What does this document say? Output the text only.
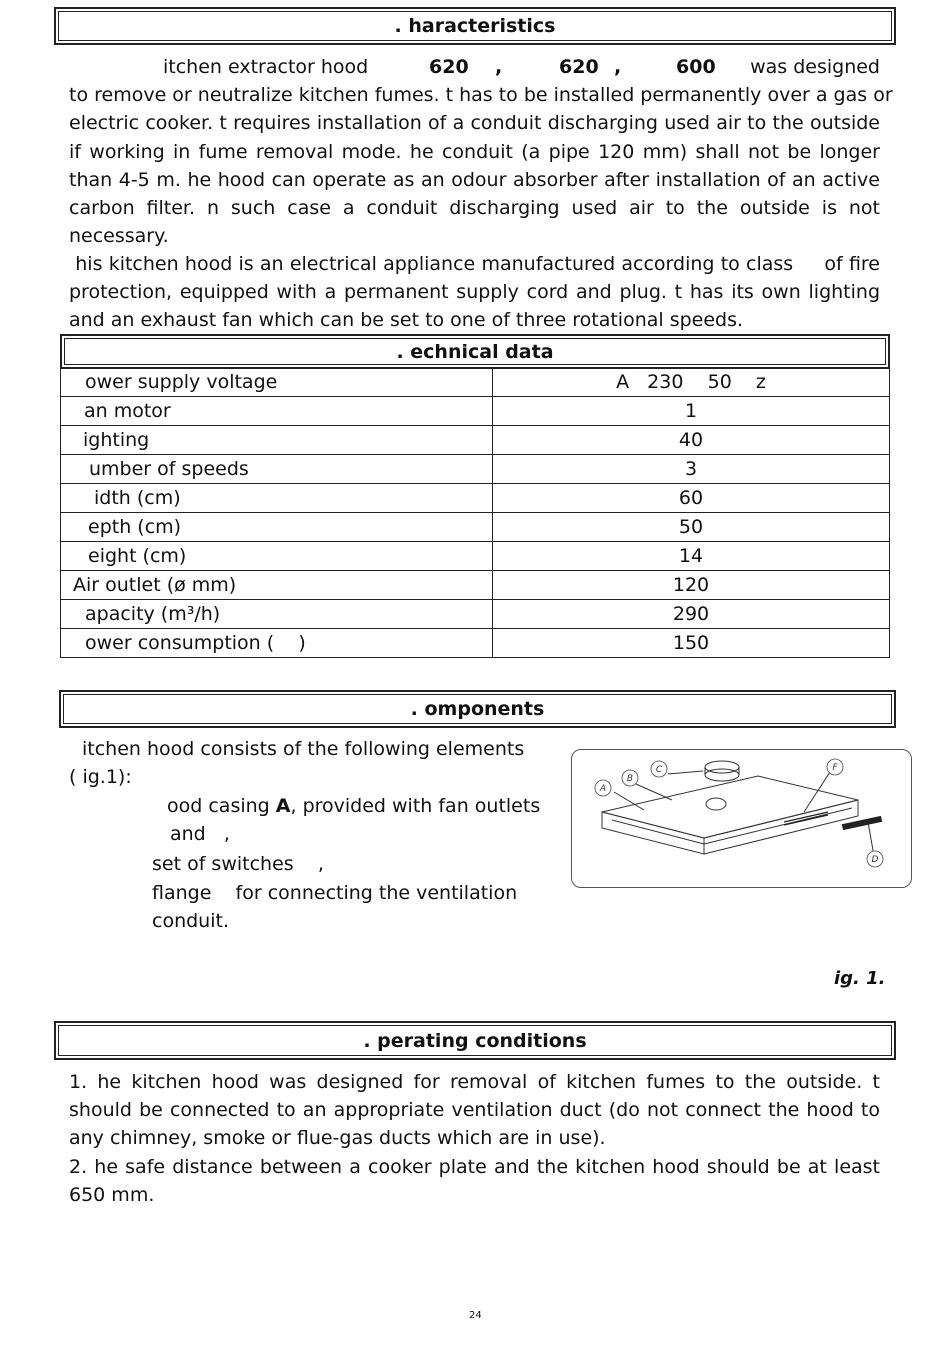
. haracteristics
itchen extractor hood	620 ,	620 ,	600 was designed
to remove or neutralize kitchen fumes. t has to be installed permanently over a gas or
electric cooker. t requires installation of a conduit discharging used air to the outside
if working in fume removal mode. he conduit (a pipe 120 mm) shall not be longer
than 4-5 m. he hood can operate as an odour absorber after installation of an active
carbon filter. n such case a conduit discharging used air to the outside is not
necessary.
his kitchen hood is an electrical appliance manufactured according to class     of fire
protection, equipped with a permanent supply cord and plug. t has its own lighting
and an exhaust fan which can be set to one of three rotational speeds.
. echnical data
ower supply voltage	A   230    50    z
an motor	1
ighting	40
umber of speeds	3
idth (cm)	60
epth (cm)	50
eight (cm)	14
Air outlet (ø mm)	120
apacity (m³/h)	290
ower consumption (    )	150
. omponents
itchen hood consists of the following elements
( ig.1):
ood casing A, provided with fan outlets
and   ,
set of switches    ,
flange    for connecting the ventilation
conduit.
A
B
C
D
F
ig. 1.
. perating conditions
1. he kitchen hood was designed for removal of kitchen fumes to the outside. t
should be connected to an appropriate ventilation duct (do not connect the hood to
any chimney, smoke or flue-gas ducts which are in use).
2. he safe distance between a cooker plate and the kitchen hood should be at least
650 mm.
24
